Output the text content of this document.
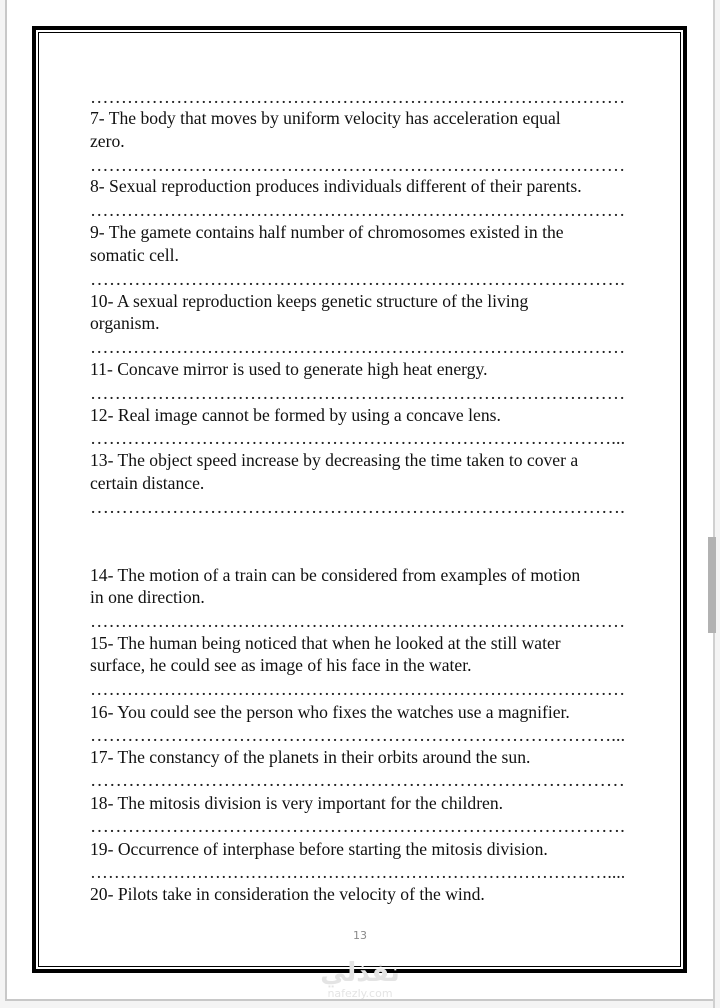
……………………………………………………………………………
7- The body that moves by uniform velocity has acceleration equal
zero.
……………………………………………………………………………
8- Sexual reproduction produces individuals different of their parents.
……………………………………………………………………………
9- The gamete contains half number of chromosomes existed in the
somatic cell.
………………………………………………………………………….
10- A sexual reproduction keeps genetic structure of the living
organism.
……………………………………………………………………………
11- Concave mirror is used to generate high heat energy.
……………………………………………………………………………
12- Real image cannot be formed by using a concave lens.
…………………………………………………………………………...
13- The object speed increase by decreasing the time taken to cover a
certain distance.
………………………………………………………………………….
14- The motion of a train can be considered from examples of motion
in one direction.
……………………………………………………………………………
15- The human being noticed that when he looked at the still water
surface, he could see as image of his face in the water.
……………………………………………………………………………
16- You could see the person who fixes the watches use a magnifier.
…………………………………………………………………………...
17- The constancy of the planets in their orbits around the sun.
…………………………………………………………………………
18- The mitosis division is very important for the children.
………………………………………………………………………….
19- Occurrence of interphase before starting the mitosis division.
……………………………………………………………………………....
20- Pilots take in consideration the velocity of the wind.
13
نفذلي
nafezly.com
